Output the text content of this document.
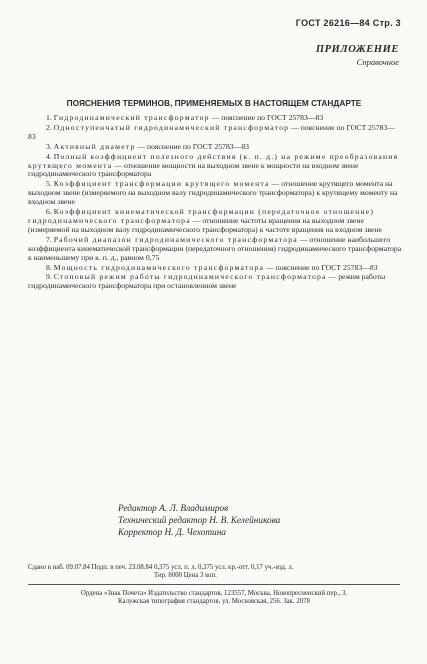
ГОСТ 26216—84 Стр. 3
ПРИЛОЖЕНИЕ
Справочное
ПОЯСНЕНИЯ ТЕРМИНОВ, ПРИМЕНЯЕМЫХ В НАСТОЯЩЕМ СТАНДАРТЕ

1. Гидродинамический трансформатор — пояснение по ГОСТ 25783—83

2. Одноступенчатый гидродинамический трансформатор — пояснение по ГОСТ 25783—83

3. Активный диаметр — пояснение по ГОСТ 25783—83

4. Полный коэффициент полезного действия (к. п. д.) на режиме преобразования крутящего момента — отношение мощности на выходном звене к мощности на входном звене гидродинамического трансформатора

5. Коэффициент трансформации крутящего момента — отношение крутящего момента на выходном звене (измеряемого на выходном валу гидродинамического трансформатора) к крутящему моменту на входном звене

6. Коэффициент кинематической трансформации (передаточное отношение) гидродинамического трансформатора — отношение частоты вращения на выходном звене (измеряемой на выходном валу гидродинамического трансформатора) к частоте вращения на входном звене

7. Рабочий диапазон гидродинамического трансформатора — отношение наибольшего коэффициента кинематической трансформации (передаточного отношения) гидродинамического трансформатора к наименьшему при к. п. д., равном 0,75

8. Мощность гидродинамического трансформатора — пояснение по ГОСТ 25783—83

9. Стоповый режим работы гидродинамического трансформатора — режим работы гидродинамического трансформатора при остановленном звене

Редактор А. Л. Владимиров
Технический редактор Н. В. Келейникова
Корректор Н. Д. Чехотина
Сдано в наб. 09.07.84 Подп. в печ. 23.08.84 0,375 усл. п. л. 0,375 усл. кр.-отт. 0,17 уч.-изд. л.
Тир. 8000 Цена 3 коп.
Ордена «Знак Почета» Издательство стандартов, 123557, Москва, Новопресненский пер., 3.
Калужская типография стандартов, ул. Московская, 256. Зак. 2078
